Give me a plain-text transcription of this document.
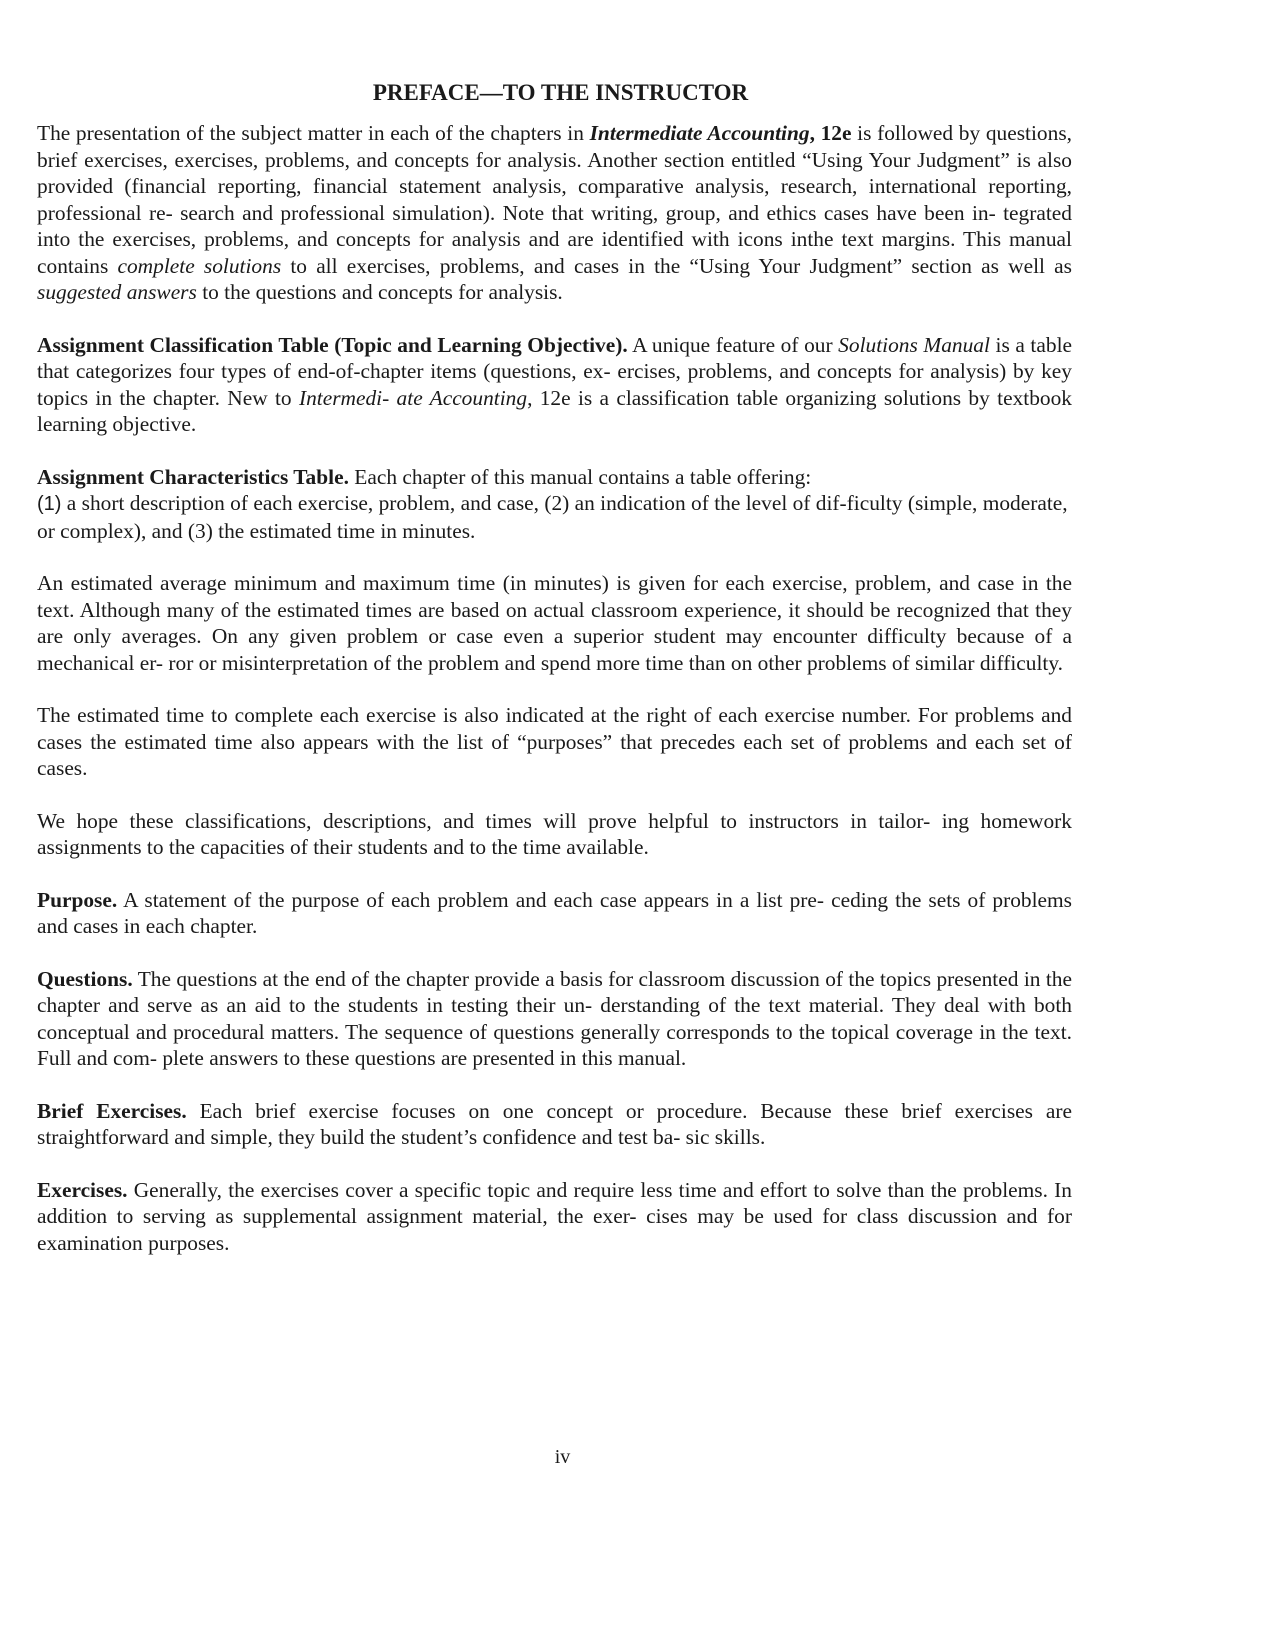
PREFACE—TO THE INSTRUCTOR

The presentation of the subject matter in each of the chapters in Intermediate Accounting, 12e is followed by questions, brief exercises, exercises, problems, and concepts for analysis. Another section entitled “Using Your Judgment” is also provided (financial reporting, financial statement analysis, comparative analysis, research, international reporting, professional re- search and professional simulation). Note that writing, group, and ethics cases have been in- tegrated into the exercises, problems, and concepts for analysis and are identified with icons inthe text margins. This manual contains complete solutions to all exercises, problems, and cases in the “Using Your Judgment” section as well as suggested answers to the questions and concepts for analysis.

Assignment Classification Table (Topic and Learning Objective). A unique feature of our Solutions Manual is a table that categorizes four types of end-of-chapter items (questions, ex- ercises, problems, and concepts for analysis) by key topics in the chapter. New to Intermedi- ate Accounting, 12e is a classification table organizing solutions by textbook learning objective.

Assignment Characteristics Table. Each chapter of this manual contains a table offering:
(1) a short description of each exercise, problem, and case, (2) an indication of the level of dif-ficulty (simple, moderate, or complex), and (3) the estimated time in minutes.

An estimated average minimum and maximum time (in minutes) is given for each exercise, problem, and case in the text. Although many of the estimated times are based on actual classroom experience, it should be recognized that they are only averages. On any given problem or case even a superior student may encounter difficulty because of a mechanical er- ror or misinterpretation of the problem and spend more time than on other problems of similar difficulty.

The estimated time to complete each exercise is also indicated at the right of each exercise number. For problems and cases the estimated time also appears with the list of “purposes” that precedes each set of problems and each set of cases.

We hope these classifications, descriptions, and times will prove helpful to instructors in tailor- ing homework assignments to the capacities of their students and to the time available.

Purpose. A statement of the purpose of each problem and each case appears in a list pre- ceding the sets of problems and cases in each chapter.

Questions. The questions at the end of the chapter provide a basis for classroom discussion of the topics presented in the chapter and serve as an aid to the students in testing their un- derstanding of the text material. They deal with both conceptual and procedural matters. The sequence of questions generally corresponds to the topical coverage in the text. Full and com- plete answers to these questions are presented in this manual.

Brief Exercises. Each brief exercise focuses on one concept or procedure. Because these brief exercises are straightforward and simple, they build the student’s confidence and test ba- sic skills.

Exercises. Generally, the exercises cover a specific topic and require less time and effort to solve than the problems. In addition to serving as supplemental assignment material, the exer- cises may be used for class discussion and for examination purposes.

iv
